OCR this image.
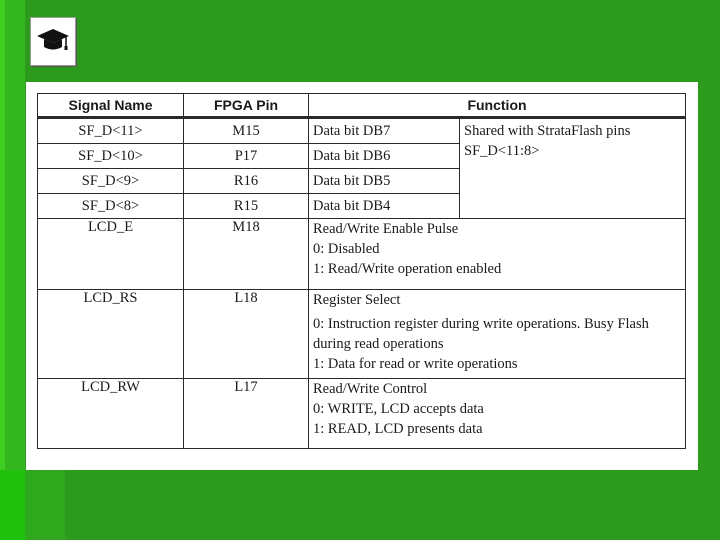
Signal Name	FPGA Pin	Function	
SF_D<11>	M15	Data bit DB7	Shared with StrataFlash pins SF_D<11:8>
SF_D<10>	P17	Data bit DB6	
SF_D<9>	R16	Data bit DB5	
SF_D<8>	R15	Data bit DB4	
LCD_E	M18	Read/Write Enable Pulse
0: Disabled
1: Read/Write operation enabled	

LCD_RS	L18	Register Select
0: Instruction register during write operations. Busy Flash during read operations
1: Data for read or write operations	

LCD_RW	L17	Read/Write Control
0: WRITE, LCD accepts data
1: READ, LCD presents data	
